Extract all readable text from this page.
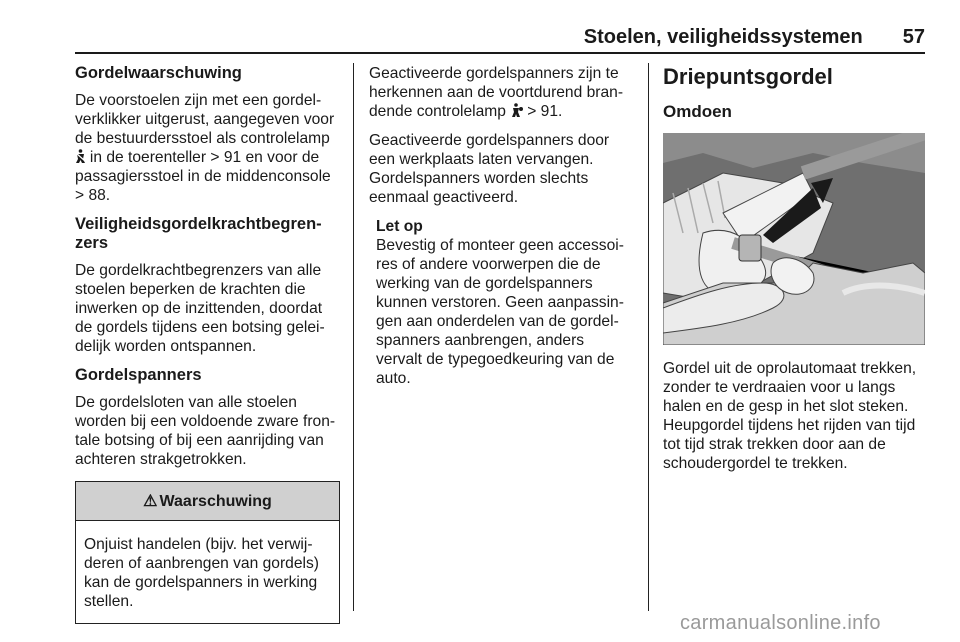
Stoelen, veiligheidssystemen 57
Gordelwaarschuwing

De voorstoelen zijn met een gordel-
verklikker uitgerust, aangegeven voor
de bestuurdersstoel als controlelamp
in de toerenteller ˃ 91 en voor de
passagiersstoel in de middenconsole
˃ 88.

Veiligheidsgordelkrachtbegren-
zers

De gordelkrachtbegrenzers van alle
stoelen beperken de krachten die
inwerken op de inzittenden, doordat
de gordels tijdens een botsing gelei-
delijk worden ontspannen.

Gordelspanners

De gordelsloten van alle stoelen
worden bij een voldoende zware fron-
tale botsing of bij een aanrijding van
achteren strakgetrokken.

⚠ Waarschuwing
Onjuist handelen (bijv. het verwij-
deren of aanbrengen van gordels)
kan de gordelspanners in werking
stellen.

Geactiveerde gordelspanners zijn te
herkennen aan de voortdurend bran-
dende controlelamp  ˃ 91.

Geactiveerde gordelspanners door
een werkplaats laten vervangen.
Gordelspanners worden slechts
eenmaal geactiveerd.

Let op
Bevestig of monteer geen accessoi-
res of andere voorwerpen die de
werking van de gordelspanners
kunnen verstoren. Geen aanpassin-
gen aan onderdelen van de gordel-
spanners aanbrengen, anders
vervalt de typegoedkeuring van de
auto.
Driepuntsgordel
Omdoen

Gordel uit de oprolautomaat trekken,
zonder te verdraaien voor u langs
halen en de gesp in het slot steken.
Heupgordel tijdens het rijden van tijd
tot tijd strak trekken door aan de
schoudergordel te trekken.

carmanualsonline.info
